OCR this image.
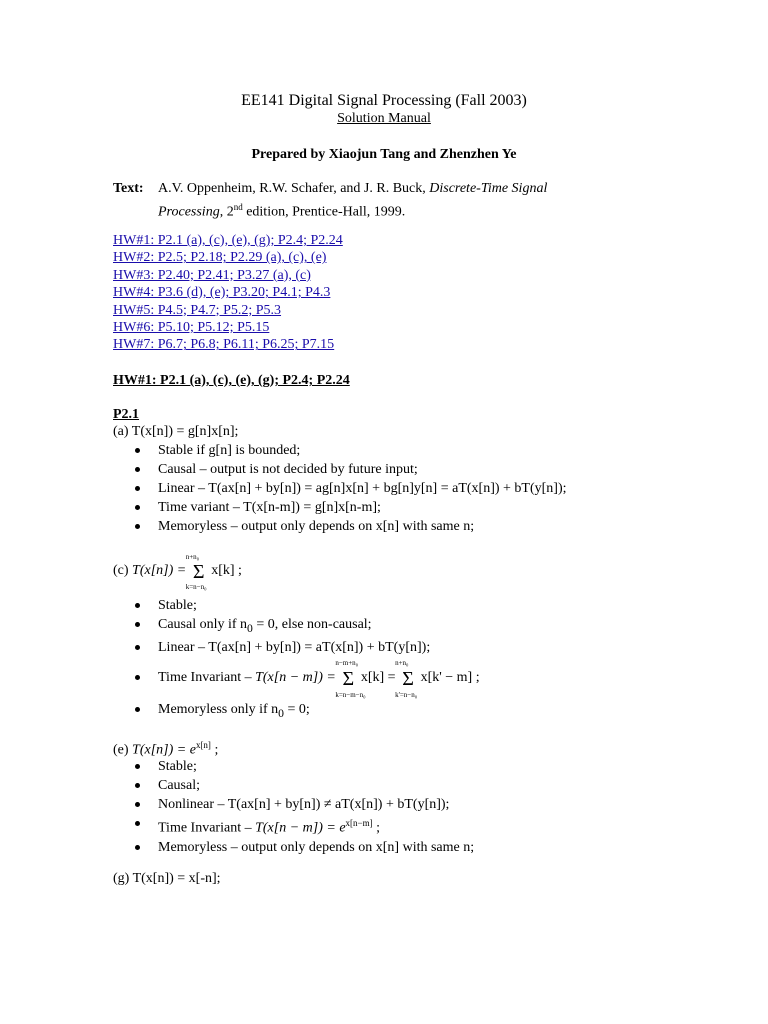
EE141 Digital Signal Processing (Fall 2003)
Solution Manual
Prepared by Xiaojun Tang and Zhenzhen Ye
Text: A.V. Oppenheim, R.W. Schafer, and J. R. Buck, Discrete-Time Signal Processing, 2nd edition, Prentice-Hall, 1999.
HW#1: P2.1 (a), (c), (e), (g); P2.4; P2.24
HW#2: P2.5; P2.18; P2.29 (a), (c), (e)
HW#3: P2.40; P2.41; P3.27 (a), (c)
HW#4: P3.6 (d), (e); P3.20; P4.1; P4.3
HW#5: P4.5; P4.7; P5.2; P5.3
HW#6: P5.10; P5.12; P5.15
HW#7: P6.7; P6.8; P6.11; P6.25; P7.15
HW#1: P2.1 (a), (c), (e), (g); P2.4; P2.24
P2.1
(a) T(x[n]) = g[n]x[n];
Stable if g[n] is bounded;
Causal – output is not decided by future input;
Linear – T(ax[n] + by[n]) = ag[n]x[n] + bg[n]y[n] = aT(x[n]) + bT(y[n]);
Time variant – T(x[n-m]) = g[n]x[n-m];
Memoryless – output only depends on x[n] with same n;
(c) T(x[n]) = Σ
n+n₀
k=n−n₀
x[k] ;
Stable;
Causal only if $n_0 = 0$, else non-causal;
Linear – T(ax[n] + by[n]) = aT(x[n]) + bT(y[n]);
Time Invariant – T(x[n − m]) = Σ
n−m+n₀
k=n−m−n₀
x[k] = Σ
n+n₀
k'=n−n₀
x[k' − m] ;
Memoryless only if $n_0 = 0$;
(e) $T(x[n]) = e^{x[n]}$ ;
Stable;
Causal;
Nonlinear – T(ax[n] + by[n]) ≠ aT(x[n]) + bT(y[n]);
Time Invariant – $T(x[n - m]) = e^{x[n-m]}$ ;
Memoryless – output only depends on x[n] with same n;
(g) T(x[n]) = x[-n];
